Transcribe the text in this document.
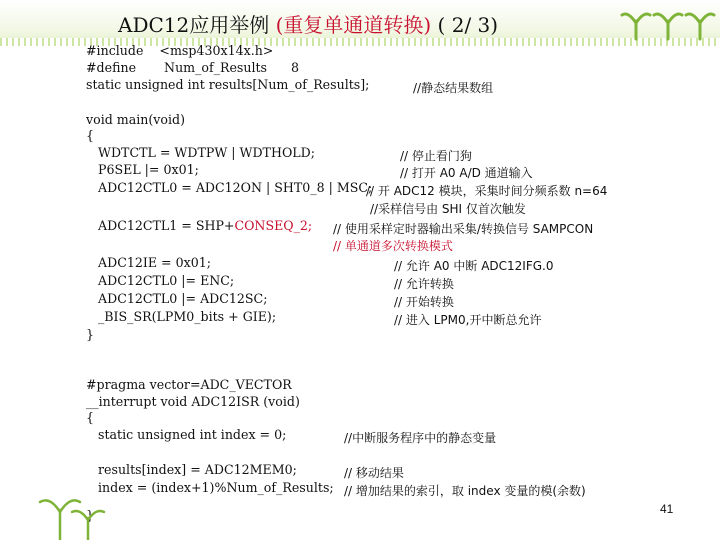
ADC12应用举例 (重复单通道转换) ( 2/ 3)
#include    <msp430x14x.h>
#define       Num_of_Results      8
static unsigned int results[Num_of_Results];
void main(void)
{
WDTCTL = WDTPW | WDTHOLD;
P6SEL |= 0x01;
ADC12CTL0 = ADC12ON | SHT0_8 | MSC;
ADC12CTL1 = SHP+CONSEQ_2;
ADC12IE = 0x01;
ADC12CTL0 |= ENC;
ADC12CTL0 |= ADC12SC;
_BIS_SR(LPM0_bits + GIE);
}
#pragma vector=ADC_VECTOR
__interrupt void ADC12ISR (void)
{
static unsigned int index = 0;
results[index] = ADC12MEM0;
index = (index+1)%Num_of_Results;
}
//静态结果数组
// 停止看门狗
// 打开 A0 A/D 通道输入
// 开 ADC12 模块，采集时间分频系数 n=64
//采样信号由 SHI 仅首次触发
// 使用采样定时器输出采集/转换信号 SAMPCON
// 单通道多次转换模式
// 允许 A0 中断 ADC12IFG.0
// 允许转换
// 开始转换
// 进入 LPM0,开中断总允许
//中断服务程序中的静态变量
// 移动结果
// 增加结果的索引，取 index 变量的模(余数)
41
